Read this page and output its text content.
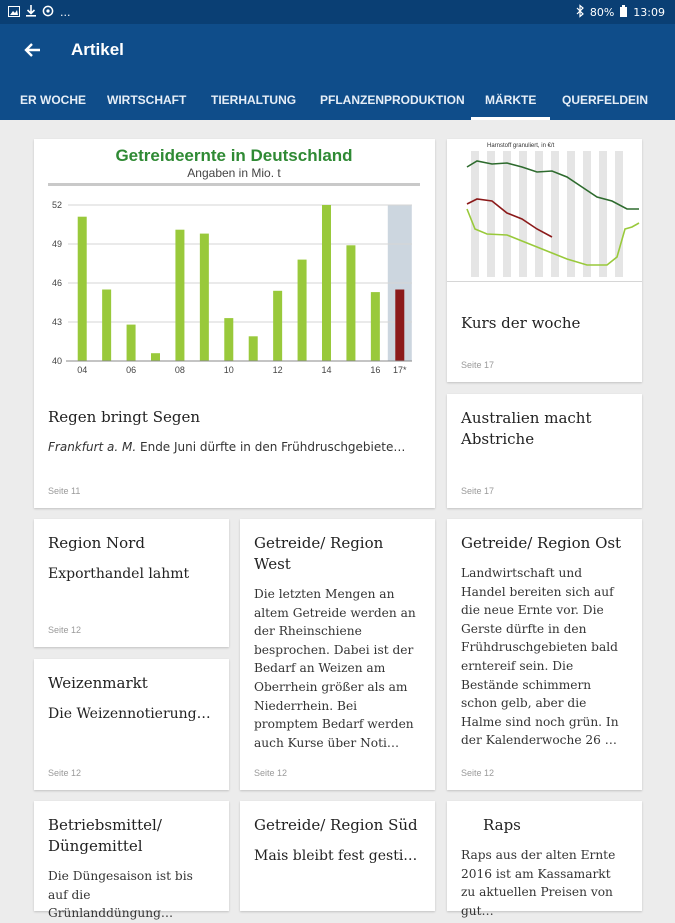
...	80% 13:09
Artikel
ER WOCHE WIRTSCHAFT TIERHALTUNG PFLANZENPRODUKTION MÄRKTE QUERFELDEIN
Getreideernte in Deutschland
Angaben in Mio. t
40
43
46
49
52
04	06	08	10	12	14	16 17*
Regen bringt Segen
Frankfurt a. M. Ende Juni dürfte in den Frühdruschgebiete…
Seite 11
Harnstoff granuliert, in €/t
Kurs der woche
Seite 17
Australien macht Abstriche
Seite 17
Region Nord
Exporthandel lahmt
Seite 12
Getreide/ Region West
Die letzten Mengen an altem Getreide werden an der Rheinschiene besprochen. Dabei ist der Bedarf an Weizen am Oberrhein größer als am Niederrhein. Bei promptem Bedarf werden auch Kurse über Noti…
Seite 12
Getreide/ Region Ost
Landwirtschaft und Handel bereiten sich auf die neue Ernte vor. Die Gerste dürfte in den Frühdruschgebieten bald erntereif sein. Die Bestände schimmern schon gelb, aber die Halme sind noch grün. In der Kalenderwoche 26 …
Seite 12
Weizenmarkt
Die Weizennotierung…
Seite 12
Betriebsmittel/ Düngemittel
Die Düngesaison ist bis auf die Grünlanddüngung…
Getreide/ Region Süd
Mais bleibt fest gesti…
Raps
Raps aus der alten Ernte 2016 ist am Kassamarkt zu aktuellen Preisen von gut…
